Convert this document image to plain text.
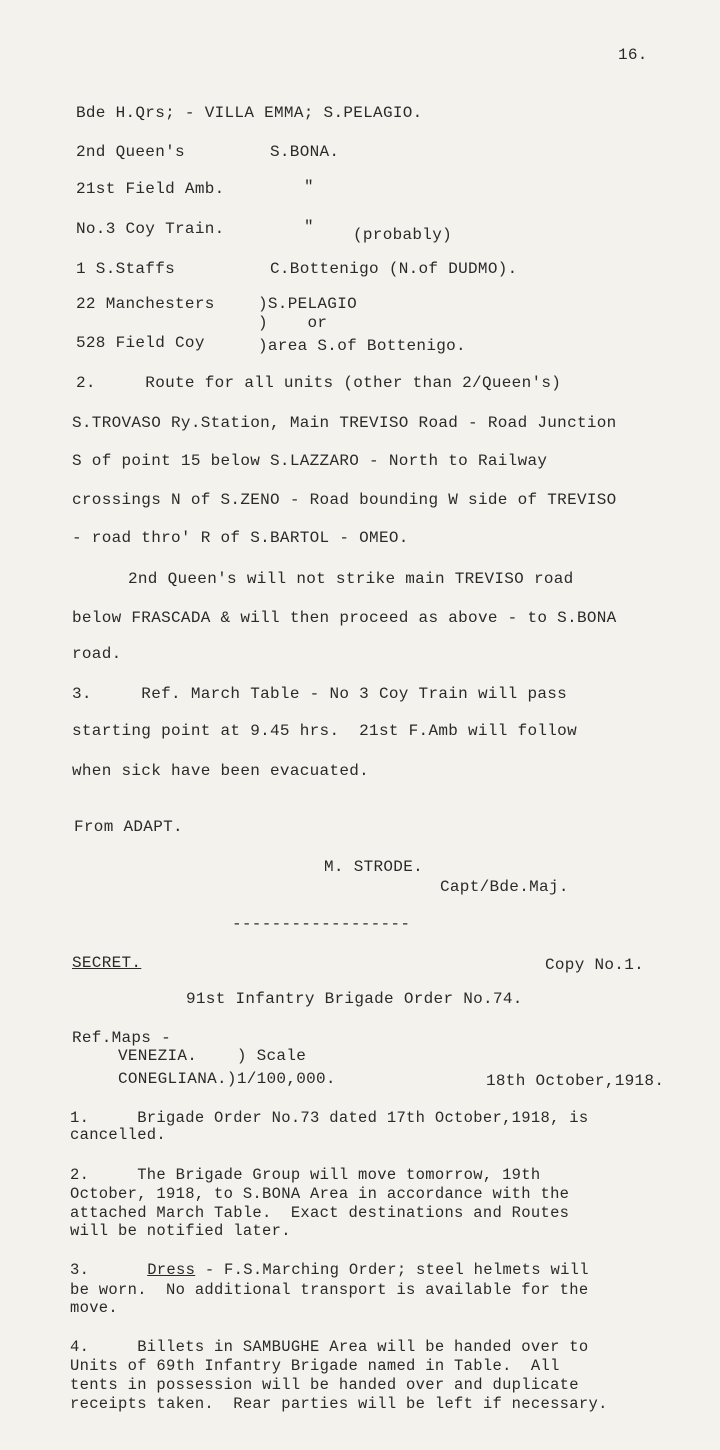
16.
Bde H.Qrs; - VILLA EMMA; S.PELAGIO.
2nd Queen's	S.BONA.
21st Field Amb.	"
No.3 Coy Train.	" (probably)
1 S.Staffs	C.Bottenigo (N.of DUDMO).
22 Manchesters	)S.PELAGIO
)    or
528 Field Coy	)area S.of Bottenigo.
2.     Route for all units (other than 2/Queen's)
S.TROVASO Ry.Station, Main TREVISO Road - Road Junction
S of point 15 below S.LAZZARO - North to Railway
crossings N of S.ZENO - Road bounding W side of TREVISO
- road thro' R of S.BARTOL - OMEO.
2nd Queen's will not strike main TREVISO road
below FRASCADA & will then proceed as above - to S.BONA
road.
3.     Ref. March Table - No 3 Coy Train will pass
starting point at 9.45 hrs.  21st F.Amb will follow
when sick have been evacuated.
From ADAPT.
M. STRODE.
Capt/Bde.Maj.
------------------
SECRET.	Copy No.1.
91st Infantry Brigade Order No.74.
Ref.Maps -
VENEZIA.    ) Scale
CONEGLIANA.)1/100,000.	18th October,1918.
1.     Brigade Order No.73 dated 17th October,1918, is
cancelled.
2.     The Brigade Group will move tomorrow, 19th
October, 1918, to S.BONA Area in accordance with the
attached March Table.  Exact destinations and Routes
will be notified later.
3.	Dress - F.S.Marching Order; steel helmets will
be worn.  No additional transport is available for the
move.
4.     Billets in SAMBUGHE Area will be handed over to
Units of 69th Infantry Brigade named in Table.  All
tents in possession will be handed over and duplicate
receipts taken.  Rear parties will be left if necessary.
